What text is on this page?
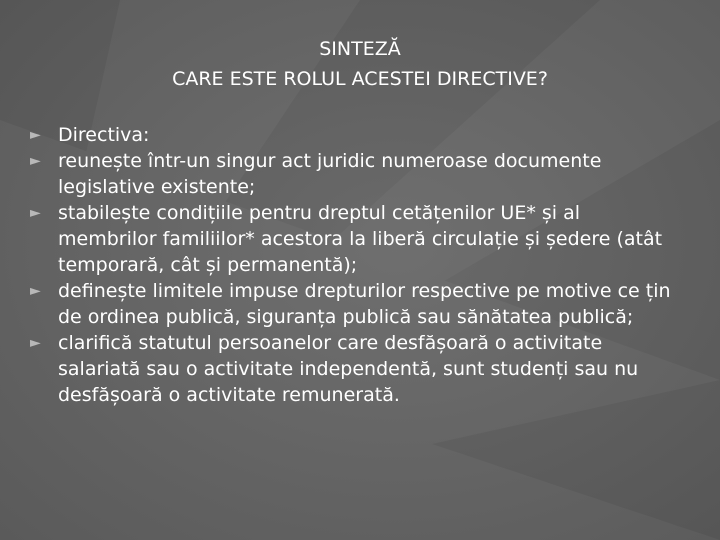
SINTEZĂ
CARE ESTE ROLUL ACESTEI DIRECTIVE?
► Directiva:
► reunește într-un singur act juridic numeroase documente legislative existente;
► stabilește condițiile pentru dreptul cetățenilor UE* și al membrilor familiilor* acestora la liberă circulație și ședere (atât temporară, cât și permanentă);
► definește limitele impuse drepturilor respective pe motive ce țin de ordinea publică, siguranța publică sau sănătatea publică;
► clarifică statutul persoanelor care desfășoară o activitate salariată sau o activitate independentă, sunt studenți sau nu desfășoară o activitate remunerată.
